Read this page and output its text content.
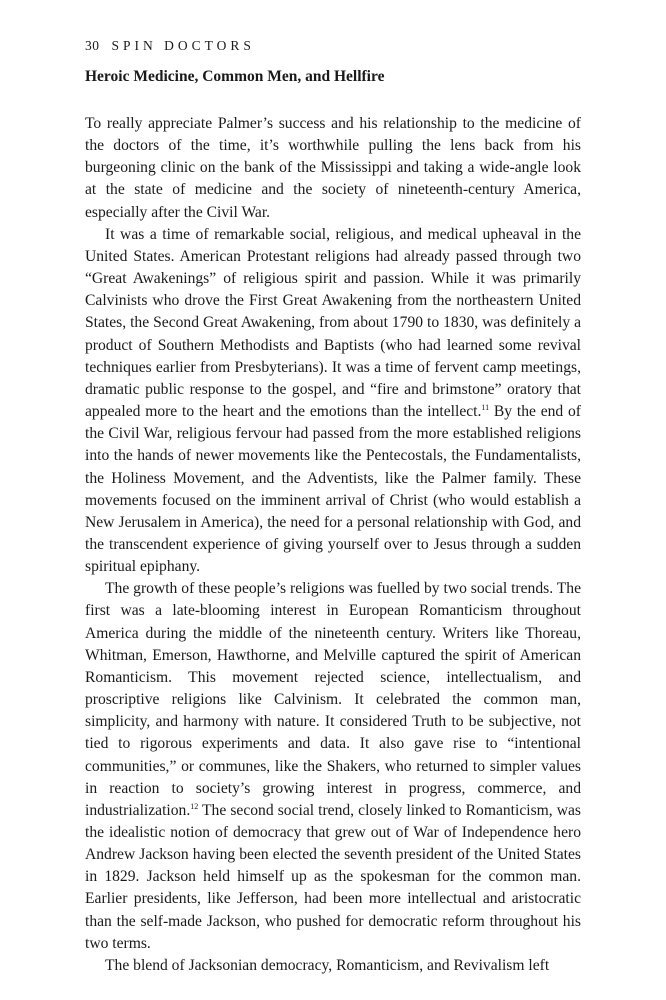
30 SPIN DOCTORS
Heroic Medicine, Common Men, and Hellfire

To really appreciate Palmer’s success and his relationship to the medicine of the doctors of the time, it’s worthwhile pulling the lens back from his burgeoning clinic on the bank of the Mississippi and taking a wide-angle look at the state of medicine and the society of nineteenth-century America, especially after the Civil War.

It was a time of remarkable social, religious, and medical upheaval in the United States. American Protestant religions had already passed through two “Great Awakenings” of religious spirit and passion. While it was primarily Calvinists who drove the First Great Awakening from the northeastern United States, the Second Great Awakening, from about 1790 to 1830, was definitely a product of Southern Methodists and Baptists (who had learned some revival techniques earlier from Presbyterians). It was a time of fervent camp meetings, dramatic public response to the gospel, and “fire and brimstone” oratory that appealed more to the heart and the emotions than the intellect.$^{11}$ By the end of the Civil War, religious fervour had passed from the more established religions into the hands of newer movements like the Pentecostals, the Fundamentalists, the Holiness Movement, and the Adventists, like the Palmer family. These movements focused on the imminent arrival of Christ (who would establish a New Jerusalem in America), the need for a personal relationship with God, and the transcendent experience of giving yourself over to Jesus through a sudden spiritual epiphany.

The growth of these people’s religions was fuelled by two social trends. The first was a late-blooming interest in European Romanticism throughout America during the middle of the nineteenth century. Writers like Thoreau, Whitman, Emerson, Hawthorne, and Melville captured the spirit of American Romanticism. This movement rejected science, intellectualism, and proscriptive religions like Calvinism. It celebrated the common man, simplicity, and harmony with nature. It considered Truth to be subjective, not tied to rigorous experiments and data. It also gave rise to “intentional communities,” or communes, like the Shakers, who returned to simpler values in reaction to society’s growing interest in progress, commerce, and industrialization.$^{12}$ The second social trend, closely linked to Romanticism, was the idealistic notion of democracy that grew out of War of Independence hero Andrew Jackson having been elected the seventh president of the United States in 1829. Jackson held himself up as the spokesman for the common man. Earlier presidents, like Jefferson, had been more intellectual and aristocratic than the self-made Jackson, who pushed for democratic reform throughout his two terms.

The blend of Jacksonian democracy, Romanticism, and Revivalism left
